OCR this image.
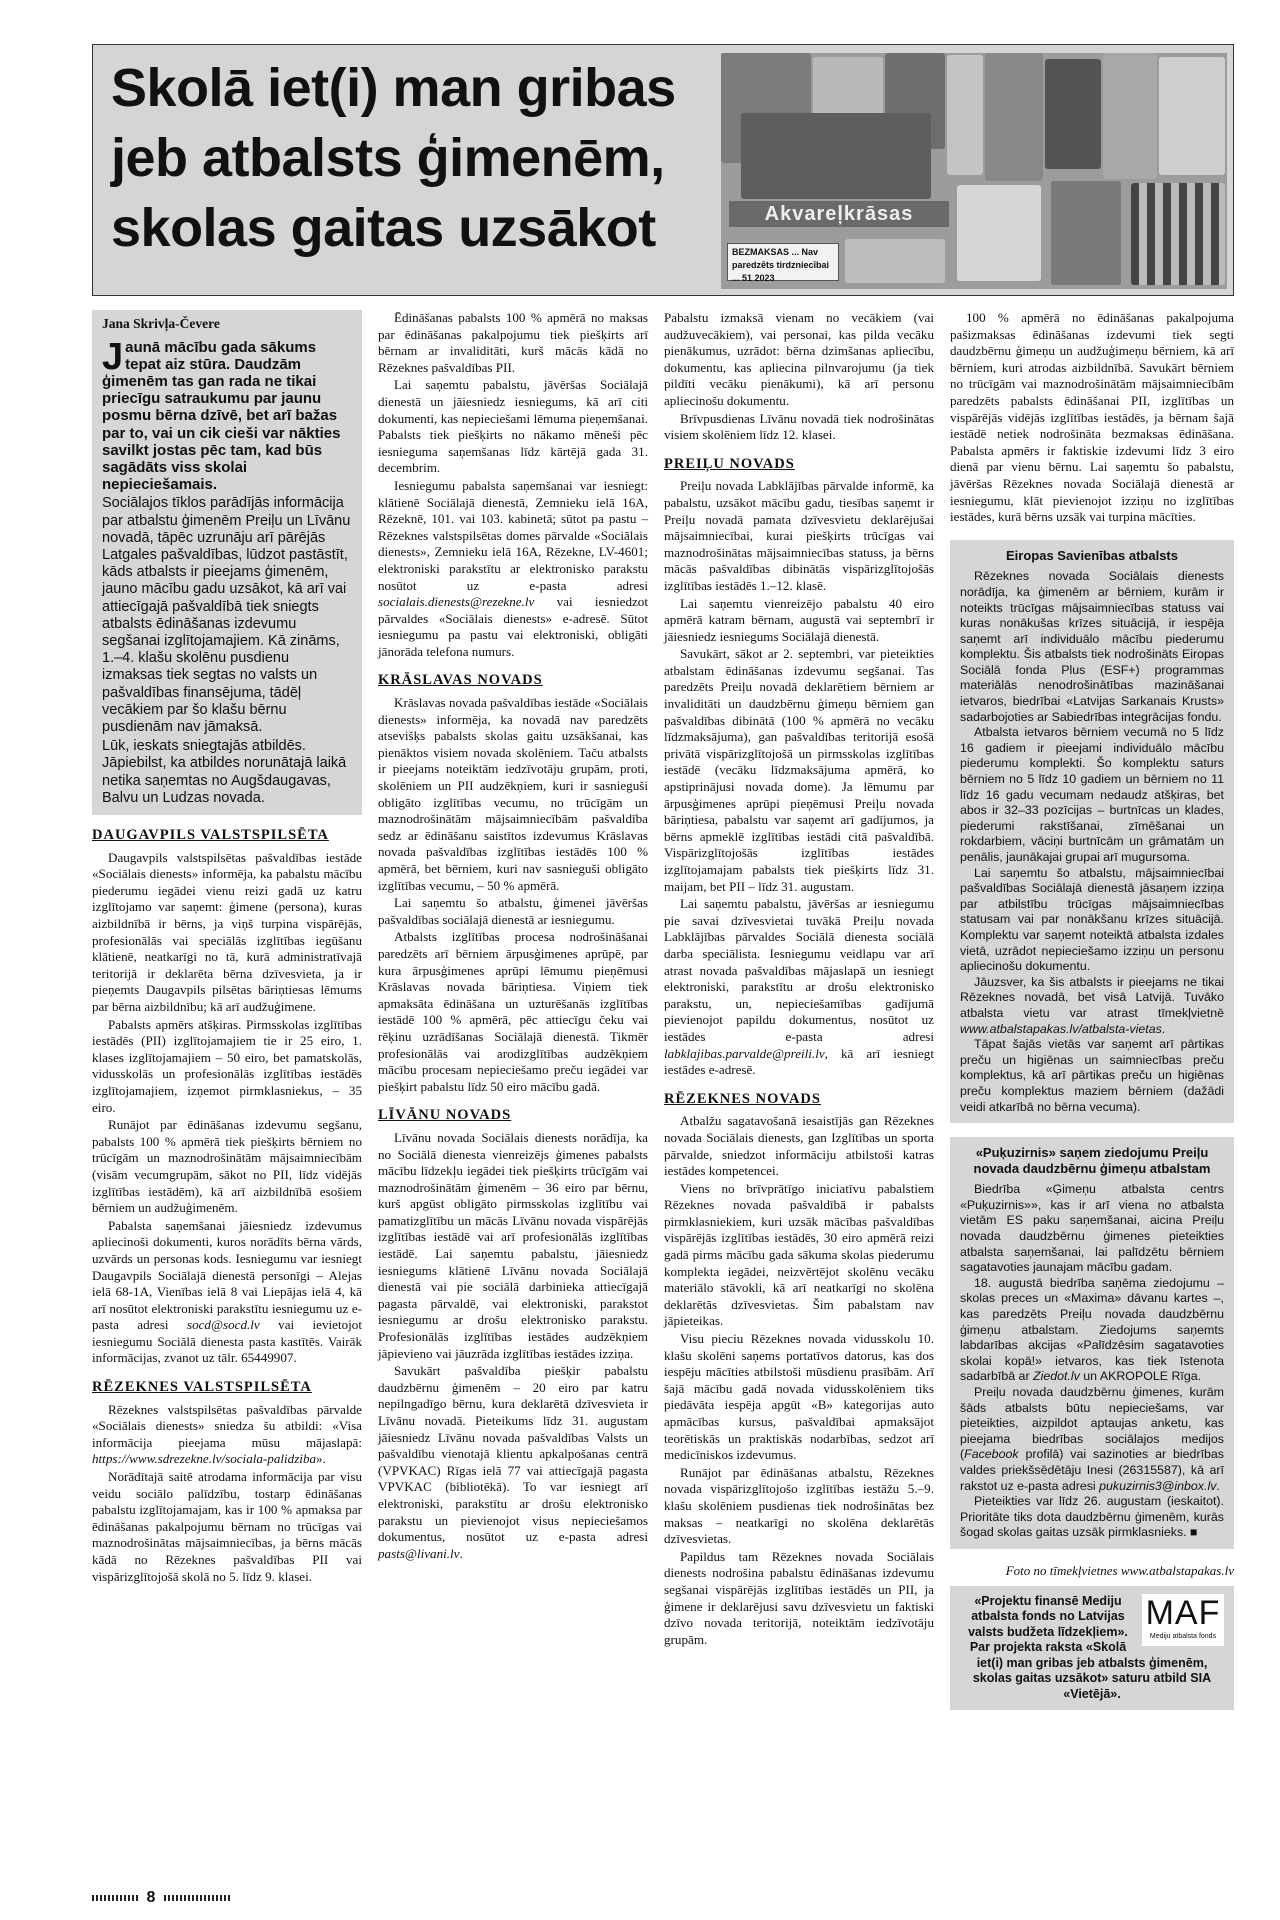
Skolā iet(i) man gribas
jeb atbalsts ģimenēm,
skolas gaitas uzsākot	Akvareļkrāsas
BEZMAKSAS ... Nav paredzēts tirdzniecībai ... 51 2023
Jana Skrivļa-Čevere
Jaunā mācību gada sākums tepat aiz stūra. Daudzām ģimenēm tas gan rada ne tikai priecīgu satraukumu par jaunu posmu bērna dzīvē, bet arī bažas par to, vai un cik cieši var nākties savilkt jostas pēc tam, kad būs sagādāts viss skolai nepieciešamais.
Sociālajos tīklos parādījās informācija par atbalstu ģimenēm Preiļu un Līvānu novadā, tāpēc uzrunāju arī pārējās Latgales pašvaldības, lūdzot pastāstīt, kāds atbalsts ir pieejams ģimenēm, jauno mācību gadu uzsākot, kā arī vai attiecīgajā pašvaldībā tiek sniegts atbalsts ēdināšanas izdevumu segšanai izglītojamajiem. Kā zināms, 1.–4. klašu skolēnu pusdienu izmaksas tiek segtas no valsts un pašvaldības finansējuma, tādēļ vecākiem par šo klašu bērnu pusdienām nav jāmaksā.
Lūk, ieskats sniegtajās atbildēs. Jāpiebilst, ka atbildes norunātajā laikā netika saņemtas no Augšdaugavas, Balvu un Ludzas novada.
DAUGAVPILS VALSTSPILSĒTA

Daugavpils valstspilsētas pašvaldības iestāde «Sociālais dienests» informēja, ka pabalstu mācību piederumu iegādei vienu reizi gadā uz katru izglītojamo var saņemt: ģimene (persona), kuras aizbildnībā ir bērns, ja viņš turpina vispārējās, profesionālās vai speciālās izglītības iegūšanu klātienē, neatkarīgi no tā, kurā administratīvajā teritorijā ir deklarēta bērna dzīvesvieta, ja ir pieņemts Daugavpils pilsētas bāriņtiesas lēmums par bērna aizbildnību; kā arī audžuģimene.

Pabalsts apmērs atšķiras. Pirmsskolas izglītības iestādēs (PII) izglītojamajiem tie ir 25 eiro, 1. klases izglītojamajiem – 50 eiro, bet pamatskolās, vidusskolās un profesionālās izglītības iestādēs izglītojamajiem, izņemot pirmklasniekus, – 35 eiro.

Runājot par ēdināšanas izdevumu segšanu, pabalsts 100 % apmērā tiek piešķirts bērniem no trūcīgām un maznodrošinātām mājsaimniecībām (visām vecumgrupām, sākot no PII, līdz vidējās izglītības iestādēm), kā arī aizbildnībā esošiem bērniem un audžuģimenēm.

Pabalsta saņemšanai jāiesniedz izdevumus apliecinoši dokumenti, kuros norādīts bērna vārds, uzvārds un personas kods. Iesniegumu var iesniegt Daugavpils Sociālajā dienestā personīgi – Alejas ielā 68-1A, Vienības ielā 8 vai Liepājas ielā 4, kā arī nosūtot elektroniski parakstītu iesniegumu uz e-pasta adresi socd@socd.lv vai ievietojot iesniegumu Sociālā dienesta pasta kastītēs. Vairāk informācijas, zvanot uz tālr. 65449907.

RĒZEKNES VALSTSPILSĒTA

Rēzeknes valstspilsētas pašvaldības pārvalde «Sociālais dienests» sniedza šu atbildi: «Visa informācija pieejama mūsu mājaslapā: https://www.sdrezekne.lv/sociala-palidziba».

Norādītajā saitē atrodama informācija par visu veidu sociālo palīdzību, tostarp ēdināšanas pabalstu izglītojamajam, kas ir 100 % apmaksa par ēdināšanas pakalpojumu bērnam no trūcīgas vai maznodrošinātas mājsaimniecības, ja bērns mācās kādā no Rēzeknes pašvaldības PII vai vispārizglītojošā skolā no 5. līdz 9. klasei.

Ēdināšanas pabalsts 100 % apmērā no maksas par ēdināšanas pakalpojumu tiek piešķirts arī bērnam ar invaliditāti, kurš mācās kādā no Rēzeknes pašvaldības PII.

Lai saņemtu pabalstu, jāvēršas Sociālajā dienestā un jāiesniedz iesniegums, kā arī citi dokumenti, kas nepieciešami lēmuma pieņemšanai. Pabalsts tiek piešķirts no nākamo mēneši pēc iesnieguma saņemšanas līdz kārtējā gada 31. decembrim.

Iesniegumu pabalsta saņemšanai var iesniegt: klātienē Sociālajā dienestā, Zemnieku ielā 16A, Rēzeknē, 101. vai 103. kabinetā; sūtot pa pastu – Rēzeknes valstspilsētas domes pārvalde «Sociālais dienests», Zemnieku ielā 16A, Rēzekne, LV-4601; elektroniski parakstītu ar elektronisko parakstu nosūtot uz e-pasta adresi socialais.dienests@rezekne.lv vai iesniedzot pārvaldes «Sociālais dienests» e-adresē. Sūtot iesniegumu pa pastu vai elektroniski, obligāti jānorāda telefona numurs.

KRĀSLAVAS NOVADS

Krāslavas novada pašvaldības iestāde «Sociālais dienests» informēja, ka novadā nav paredzēts atsevišķs pabalsts skolas gaitu uzsākšanai, kas pienāktos visiem novada skolēniem. Taču atbalsts ir pieejams noteiktām iedzīvotāju grupām, proti, skolēniem un PII audzēkņiem, kuri ir sasnieguši obligāto izglītības vecumu, no trūcīgām un maznodrošinātām mājsaimniecībām pašvaldība sedz ar ēdināšanu saistītos izdevumus Krāslavas novada pašvaldības izglītības iestādēs 100 % apmērā, bet bērniem, kuri nav sasnieguši obligāto izglītības vecumu, – 50 % apmērā.

Lai saņemtu šo atbalstu, ģimenei jāvēršas pašvaldības sociālajā dienestā ar iesniegumu.

Atbalsts izglītības procesa nodrošināšanai paredzēts arī bērniem ārpusģimenes aprūpē, par kura ārpusģimenes aprūpi lēmumu pieņēmusi Krāslavas novada bāriņtiesa. Viņiem tiek apmaksāta ēdināšana un uzturēšanās izglītības iestādē 100 % apmērā, pēc attiecīgu čeku vai rēķinu uzrādīšanas Sociālajā dienestā. Tikmēr profesionālās vai arodizglītības audzēkņiem mācību procesam nepieciešamo preču iegādei var piešķirt pabalstu līdz 50 eiro mācību gadā.

LĪVĀNU NOVADS

Līvānu novada Sociālais dienests norādīja, ka no Sociālā dienesta vienreizējs ģimenes pabalsts mācību līdzekļu iegādei tiek piešķirts trūcīgām vai maznodrošinātām ģimenēm – 36 eiro par bērnu, kurš apgūst obligāto pirmsskolas izglītību vai pamatizglītību un mācās Līvānu novada vispārējās izglītības iestādē vai arī profesionālās izglītības iestādē. Lai saņemtu pabalstu, jāiesniedz iesniegums klātienē Līvānu novada Sociālajā dienestā vai pie sociālā darbinieka attiecīgajā pagasta pārvaldē, vai elektroniski, parakstot iesniegumu ar drošu elektronisko parakstu. Profesionālās izglītības iestādes audzēkņiem jāpievieno vai jāuzrāda izglītības iestādes izziņa.

Savukārt pašvaldība piešķir pabalstu daudzbērnu ģimenēm – 20 eiro par katru nepilngadīgo bērnu, kura deklarētā dzīvesvieta ir Līvānu novadā. Pieteikums līdz 31. augustam jāiesniedz Līvānu novada pašvaldības Valsts un pašvaldību vienotajā klientu apkalpošanas centrā (VPVKAC) Rīgas ielā 77 vai attiecīgajā pagasta VPVKAC (bibliotēkā). To var iesniegt arī elektroniski, parakstītu ar drošu elektronisko parakstu un pievienojot visus nepieciešamos dokumentus, nosūtot uz e-pasta adresi pasts@livani.lv.

Pabalstu izmaksā vienam no vecākiem (vai audžuvecākiem), vai personai, kas pilda vecāku pienākumus, uzrādot: bērna dzimšanas apliecību, dokumentu, kas apliecina pilnvarojumu (ja tiek pildīti vecāku pienākumi), kā arī personu apliecinošu dokumentu.

Brīvpusdienas Līvānu novadā tiek nodrošinātas visiem skolēniem līdz 12. klasei.

PREIĻU NOVADS

Preiļu novada Labklājības pārvalde informē, ka pabalstu, uzsākot mācību gadu, tiesības saņemt ir Preiļu novadā pamata dzīvesvietu deklarējušai mājsaimniecībai, kurai piešķirts trūcīgas vai maznodrošinātas mājsaimniecības statuss, ja bērns mācās pašvaldības dibinātās vispārizglītojošās izglītības iestādēs 1.–12. klasē.

Lai saņemtu vienreizējo pabalstu 40 eiro apmērā katram bērnam, augustā vai septembrī ir jāiesniedz iesniegums Sociālajā dienestā.

Savukārt, sākot ar 2. septembri, var pieteikties atbalstam ēdināšanas izdevumu segšanai. Tas paredzēts Preiļu novadā deklarētiem bērniem ar invaliditāti un daudzbērnu ģimeņu bērniem gan pašvaldības dibinātā (100 % apmērā no vecāku līdzmaksājuma), gan pašvaldības teritorijā esošā privātā vispārizglītojošā un pirmsskolas izglītības iestādē (vecāku līdzmaksājuma apmērā, ko apstiprinājusi novada dome). Ja lēmumu par ārpusģimenes aprūpi pieņēmusi Preiļu novada bāriņtiesa, pabalstu var saņemt arī gadījumos, ja bērns apmeklē izglītības iestādi citā pašvaldībā. Vispārizglītojošās izglītības iestādes izglītojamajam pabalsts tiek piešķirts līdz 31. maijam, bet PII – līdz 31. augustam.

Lai saņemtu pabalstu, jāvēršas ar iesniegumu pie savai dzīvesvietai tuvākā Preiļu novada Labklājības pārvaldes Sociālā dienesta sociālā darba speciālista. Iesniegumu veidlapu var arī atrast novada pašvaldības mājaslapā un iesniegt elektroniski, parakstītu ar drošu elektronisko parakstu, un, nepieciešamības gadījumā pievienojot papildu dokumentus, nosūtot uz iestādes e-pasta adresi labklajibas.parvalde@preili.lv, kā arī iesniegt iestādes e-adresē.

RĒZEKNES NOVADS

Atbalžu sagatavošanā iesaistījās gan Rēzeknes novada Sociālais dienests, gan Izglītības un sporta pārvalde, sniedzot informāciju atbilstoši katras iestādes kompetencei.

Viens no brīvprātīgo iniciatīvu pabalstiem Rēzeknes novada pašvaldībā ir pabalsts pirmklasniekiem, kuri uzsāk mācības pašvaldības vispārējās izglītības iestādēs, 30 eiro apmērā reizi gadā pirms mācību gada sākuma skolas piederumu komplekta iegādei, neizvērtējot skolēnu vecāku materiālo stāvokli, kā arī neatkarīgi no skolēna deklarētās dzīvesvietas. Šim pabalstam nav jāpieteikas.

Visu pieciu Rēzeknes novada vidusskolu 10. klašu skolēni saņems portatīvos datorus, kas dos iespēju mācīties atbilstoši mūsdienu prasībām. Arī šajā mācību gadā novada vidusskolēniem tiks piedāvāta iespēja apgūt «B» kategorijas auto apmācības kursus, pašvaldībai apmaksājot teorētiskās un praktiskās nodarbības, sedzot arī medicīniskos izdevumus.

Runājot par ēdināšanas atbalstu, Rēzeknes novada vispārizglītojošo izglītības iestāžu 5.–9. klašu skolēniem pusdienas tiek nodrošinātas bez maksas – neatkarīgi no skolēna deklarētās dzīvesvietas.

Papildus tam Rēzeknes novada Sociālais dienests nodrošina pabalstu ēdināšanas izdevumu segšanai vispārējās izglītības iestādēs un PII, ja ģimene ir deklarējusi savu dzīvesvietu un faktiski dzīvo novada teritorijā, noteiktām iedzīvotāju grupām.

100 % apmērā no ēdināšanas pakalpojuma pašizmaksas ēdināšanas izdevumi tiek segti daudzbērnu ģimeņu un audžuģimeņu bērniem, kā arī bērniem, kuri atrodas aizbildnībā. Savukārt bērniem no trūcīgām vai maznodrošinātām mājsaimniecībām paredzēts pabalsts ēdināšanai PII, izglītības un vispārējās vidējās izglītības iestādēs, ja bērnam šajā iestādē netiek nodrošināta bezmaksas ēdināšana. Pabalsta apmērs ir faktiskie izdevumi līdz 3 eiro dienā par vienu bērnu. Lai saņemtu šo pabalstu, jāvēršas Rēzeknes novada Sociālajā dienestā ar iesniegumu, klāt pievienojot izziņu no izglītības iestādes, kurā bērns uzsāk vai turpina mācīties.

Eiropas Savienības atbalsts

Rēzeknes novada Sociālais dienests norādīja, ka ģimenēm ar bērniem, kurām ir noteikts trūcīgas mājsaimniecības statuss vai kuras nonākušas krīzes situācijā, ir iespēja saņemt arī individuālo mācību piederumu komplektu. Šis atbalsts tiek nodrošināts Eiropas Sociālā fonda Plus (ESF+) programmas materiālās nenodrošinātības mazināšanai ietvaros, biedrībai «Latvijas Sarkanais Krusts» sadarbojoties ar Sabiedrības integrācijas fondu.

Atbalsta ietvaros bērniem vecumā no 5 līdz 16 gadiem ir pieejami individuālo mācību piederumu komplekti. Šo komplektu saturs bērniem no 5 līdz 10 gadiem un bērniem no 11 līdz 16 gadu vecumam nedaudz atšķiras, bet abos ir 32–33 pozīcijas – burtnīcas un klades, piederumi rakstīšanai, zīmēšanai un rokdarbiem, vāciņi burtnīcām un grāmatām un penālis, jaunākajai grupai arī mugursoma.

Lai saņemtu šo atbalstu, mājsaimniecībai pašvaldības Sociālajā dienestā jāsaņem izziņa par atbilstību trūcīgas mājsaimniecības statusam vai par nonākšanu krīzes situācijā. Komplektu var saņemt noteiktā atbalsta izdales vietā, uzrādot nepieciešamo izziņu un personu apliecinošu dokumentu.

Jāuzsver, ka šis atbalsts ir pieejams ne tikai Rēzeknes novadā, bet visā Latvijā. Tuvāko atbalsta vietu var atrast tīmekļvietnē www.atbalstapakas.lv/atbalsta-vietas.

Tāpat šajās vietās var saņemt arī pārtikas preču un higiēnas un saimniecības preču komplektus, kā arī pārtikas preču un higiēnas preču komplektus maziem bērniem (dažādi veidi atkarībā no bērna vecuma).

«Puķuzirnis» saņem ziedojumu Preiļu novada daudzbērnu ģimeņu atbalstam

Biedrība «Ģimeņu atbalsta centrs «Puķuzirnis»», kas ir arī viena no atbalsta vietām ES paku saņemšanai, aicina Preiļu novada daudzbērnu ģimenes pieteikties atbalsta saņemšanai, lai palīdzētu bērniem sagatavoties jaunajam mācību gadam.

18. augustā biedrība saņēma ziedojumu – skolas preces un «Maxima» dāvanu kartes –, kas paredzēts Preiļu novada daudzbērnu ģimeņu atbalstam. Ziedojums saņemts labdarības akcijas «Palīdzēsim sagatavoties skolai kopā!» ietvaros, kas tiek īstenota sadarbībā ar Ziedot.lv un AKROPOLE Rīga.

Preiļu novada daudzbērnu ģimenes, kurām šāds atbalsts būtu nepieciešams, var pieteikties, aizpildot aptaujas anketu, kas pieejama biedrības sociālajos medijos (Facebook profilā) vai sazinoties ar biedrības valdes priekšsēdētāju Inesi (26315587), kā arī rakstot uz e-pasta adresi pukuzirnis3@inbox.lv.

Pieteikties var līdz 26. augustam (ieskaitot). Prioritāte tiks dota daudzbērnu ģimenēm, kurās šogad skolas gaitas uzsāk pirmklasnieks. ■

Foto no tīmekļvietnes www.atbalstapakas.lv
MAF
Mediju atbalsta fonds
«Projektu finansē Mediju atbalsta fonds no Latvijas valsts budžeta līdzekļiem». Par projekta raksta «Skolā iet(i) man gribas jeb atbalsts ģimenēm, skolas gaitas uzsākot» saturu atbild SIA «Vietējā».
8
